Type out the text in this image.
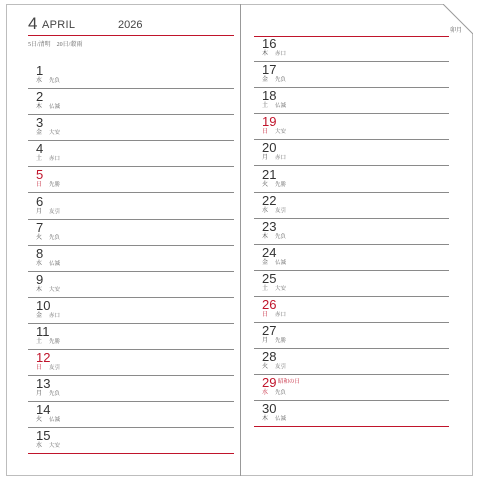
4 APRIL	2026
5日/清明　20日/穀雨
卯月
1
水 先負
2
木 仏滅
3
金 大安
4
土 赤口
5
日 先勝
6
月 友引
7
火 先負
8
水 仏滅
9
木 大安
10
金 赤口
11
土 先勝
12
日 友引
13
月 先負
14
火 仏滅
15
水 大安
16
木 赤口
17
金 先負
18
土 仏滅
19
日 大安
20
月 赤口
21
火 先勝
22
水 友引
23
木 先負
24
金 仏滅
25
土 大安
26
日 赤口
27
月 先勝
28
火 友引
29
水 先負
昭和の日
30
木 仏滅
